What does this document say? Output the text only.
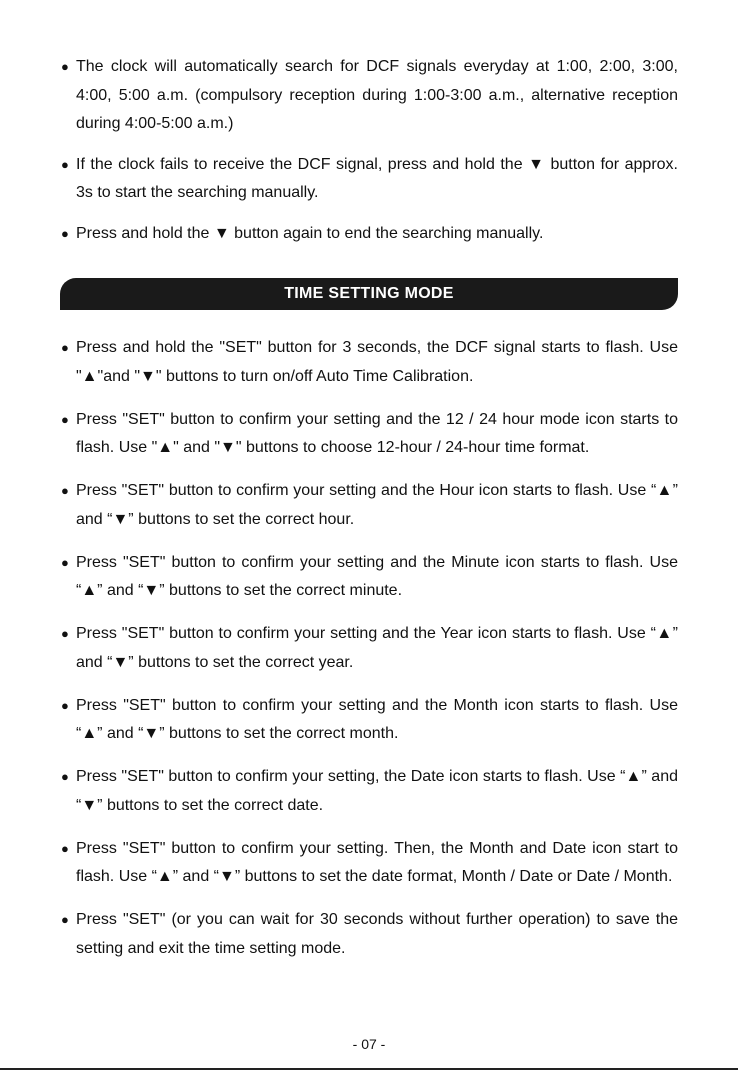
● The clock will automatically search for DCF signals everyday at 1:00, 2:00, 3:00, 4:00, 5:00 a.m. (compulsory reception during 1:00-3:00 a.m., alternative reception during 4:00-5:00 a.m.)
● If the clock fails to receive the DCF signal, press and hold the ▼ button for approx. 3s to start the searching manually.
● Press and hold the ▼ button again to end the searching manually.
TIME SETTING MODE
● Press and hold the "SET" button for 3 seconds, the DCF signal starts to flash. Use "▲"and "▼" buttons to turn on/off Auto Time Calibration.
● Press "SET" button to confirm your setting and the 12 / 24 hour mode icon starts to flash. Use "▲" and "▼" buttons to choose 12-hour / 24-hour time format.
● Press "SET" button to confirm your setting and the Hour icon starts to flash. Use “▲” and “▼” buttons to set the correct hour.
● Press "SET" button to confirm your setting and the Minute icon starts to flash. Use “▲” and “▼” buttons to set the correct minute.
● Press "SET" button to confirm your setting and the Year icon starts to flash. Use “▲” and “▼” buttons to set the correct year.
● Press "SET" button to confirm your setting and the Month icon starts to flash. Use “▲” and “▼” buttons to set the correct month.
● Press "SET" button to confirm your setting, the Date icon starts to flash. Use “▲” and “▼” buttons to set the correct date.
● Press "SET" button to confirm your setting. Then, the Month and Date icon start to flash. Use “▲” and “▼” buttons to set the date format, Month / Date or Date / Month.
● Press "SET" (or you can wait for 30 seconds without further operation) to save the setting and exit the time setting mode.
- 07 -
